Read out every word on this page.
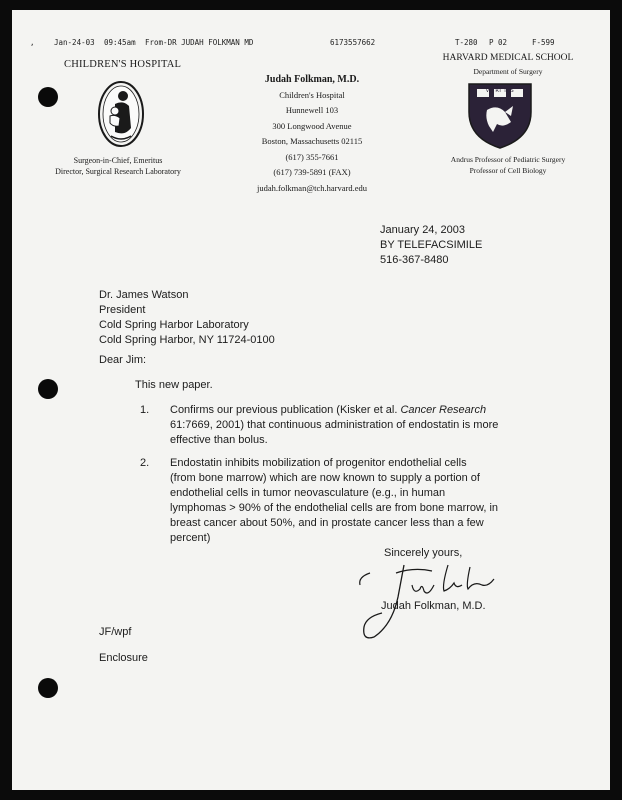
,	Jan-24-03 09:45am From-DR JUDAH FOLKMAN MD	6173557662	T-280 P 02	F-599
CHILDREN'S HOSPITAL
Surgeon-in-Chief, Emeritus
Director, Surgical Research Laboratory
Judah Folkman, M.D.
Children's Hospital
Hunnewell 103
300 Longwood Avenue
Boston, Massachusetts 02115
(617) 355-7661
(617) 739-5891 (FAX)
judah.folkman@tch.harvard.edu
HARVARD MEDICAL SCHOOL
Department of Surgery
VE RI TAS
Andrus Professor of Pediatric Surgery
Professor of Cell Biology
January 24, 2003
BY TELEFACSIMILE
516-367-8480
Dr. James Watson
President
Cold Spring Harbor Laboratory
Cold Spring Harbor, NY 11724-0100
Dear Jim:
This new paper.
1. Confirms our previous publication (Kisker et al. Cancer Research
61:7669, 2001) that continuous administration of endostatin is more
effective than bolus.
2. Endostatin inhibits mobilization of progenitor endothelial cells
(from bone marrow) which are now known to supply a portion of
endothelial cells in tumor neovasculature (e.g., in human
lymphomas > 90% of the endothelial cells are from bone marrow, in
breast cancer about 50%, and in prostate cancer less than a few
percent)
Sincerely yours,
Judah Folkman, M.D.
JF/wpf
Enclosure
